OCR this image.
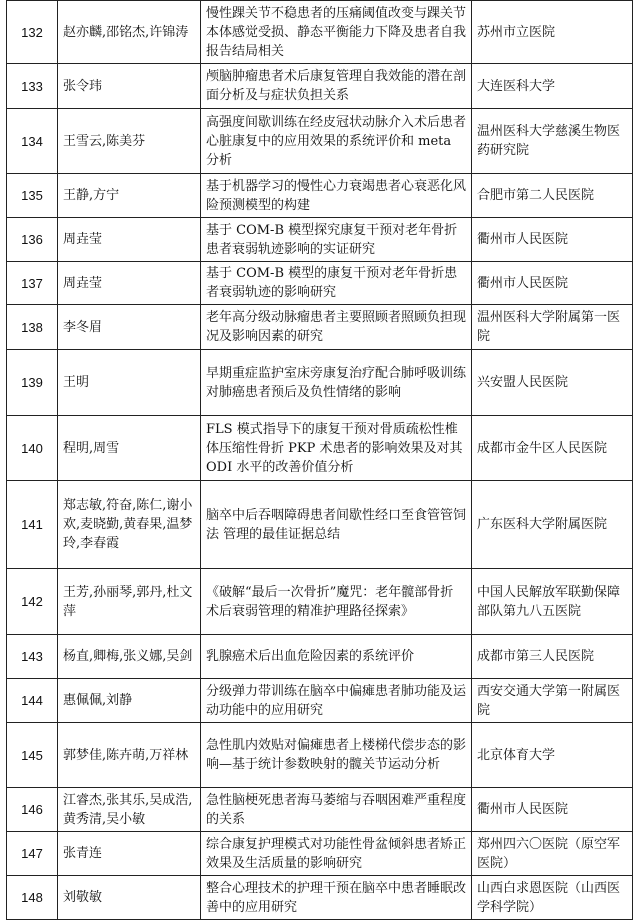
132	赵亦麟,邵铭杰,许锦涛	慢性踝关节不稳患者的压痛阈值改变与踝关节本体感觉受损、静态平衡能力下降及患者自我报告结局相关	苏州市立医院
133	张令玮	颅脑肿瘤患者术后康复管理自我效能的潜在剖面分析及与症状负担关系	大连医科大学
134	王雪云,陈美芬	高强度间歇训练在经皮冠状动脉介入术后患者心脏康复中的应用效果的系统评价和 meta 分析	温州医科大学慈溪生物医药研究院
135	王静,方宁	基于机器学习的慢性心力衰竭患者心衰恶化风险预测模型的构建	合肥市第二人民医院
136	周垚莹	基于 COM-B 模型探究康复干预对老年骨折患者衰弱轨迹影响的实证研究	衢州市人民医院
137	周垚莹	基于 COM-B 模型的康复干预对老年骨折患者衰弱轨迹的影响研究	衢州市人民医院
138	李冬眉	老年高分级动脉瘤患者主要照顾者照顾负担现况及影响因素的研究	温州医科大学附属第一医院
139	王明	早期重症监护室床旁康复治疗配合肺呼吸训练对肺癌患者预后及负性情绪的影响	兴安盟人民医院
140	程明,周雪	FLS 模式指导下的康复干预对骨质疏松性椎体压缩性骨折 PKP 术患者的影响效果及对其 ODI 水平的改善价值分析	成都市金牛区人民医院
141	郑志敏,符奋,陈仁,谢小欢,麦晓勤,黄春果,温梦玲,李春霞	脑卒中后吞咽障碍患者间歇性经口至食管管饲法 管理的最佳证据总结	广东医科大学附属医院
142	王芳,孙丽琴,郭丹,杜文萍	《破解“最后一次骨折”魔咒：老年髋部骨折术后衰弱管理的精准护理路径探索》	中国人民解放军联勤保障部队第九八五医院
143	杨直,卿梅,张义娜,吴剑	乳腺癌术后出血危险因素的系统评价	成都市第三人民医院
144	惠佩佩,刘静	分级弹力带训练在脑卒中偏瘫患者肺功能及运动功能中的应用研究	西安交通大学第一附属医院
145	郭梦佳,陈卉萌,万祥林	急性肌内效贴对偏瘫患者上楼梯代偿步态的影响—基于统计参数映射的髋关节运动分析	北京体育大学
146	江睿杰,张其乐,吴成浩,黄秀清,吴小敏	急性脑梗死患者海马萎缩与吞咽困难严重程度的关系	衢州市人民医院
147	张青连	综合康复护理模式对功能性骨盆倾斜患者矫正效果及生活质量的影响研究	郑州四六〇医院（原空军医院）
148	刘敬敏	整合心理技术的护理干预在脑卒中患者睡眠改善中的应用研究	山西白求恩医院（山西医学科学院）
